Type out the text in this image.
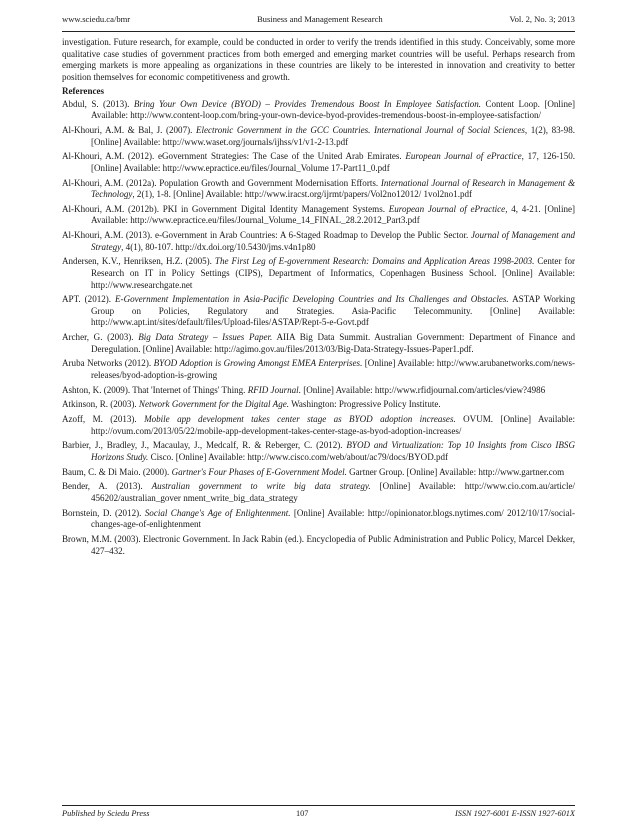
www.sciedu.ca/bmr	Business and Management Research	Vol. 2, No. 3; 2013

investigation. Future research, for example, could be conducted in order to verify the trends identified in this study. Conceivably, some more qualitative case studies of government practices from both emerged and emerging market countries will be useful. Perhaps research from emerging markets is more appealing as organizations in these countries are likely to be interested in innovation and creativity to better position themselves for economic competitiveness and growth.

References

Abdul, S. (2013). Bring Your Own Device (BYOD) – Provides Tremendous Boost In Employee Satisfaction. Content Loop. [Online] Available: http://www.content-loop.com/bring-your-own-device-byod-provides-tremendous-boost-in-employee-satisfaction/

Al-Khouri, A.M. & Bal, J. (2007). Electronic Government in the GCC Countries. International Journal of Social Sciences, 1(2), 83-98. [Online] Available: http://www.waset.org/journals/ijhss/v1/v1-2-13.pdf

Al-Khouri, A.M. (2012). eGovernment Strategies: The Case of the United Arab Emirates. European Journal of ePractice, 17, 126-150. [Online] Available: http://www.epractice.eu/files/Journal_Volume 17-Part11_0.pdf

Al-Khouri, A.M. (2012a). Population Growth and Government Modernisation Efforts. International Journal of Research in Management & Technology, 2(1), 1-8. [Online] Available: http://www.iracst.org/ijrmt/papers/Vol2no12012/ 1vol2no1.pdf

Al-Khouri, A.M. (2012b). PKI in Government Digital Identity Management Systems. European Journal of ePractice, 4, 4-21. [Online] Available: http://www.epractice.eu/files/Journal_Volume_14_FINAL_28.2.2012_Part3.pdf

Al-Khouri, A.M. (2013). e-Government in Arab Countries: A 6-Staged Roadmap to Develop the Public Sector. Journal of Management and Strategy, 4(1), 80-107. http://dx.doi.org/10.5430/jms.v4n1p80

Andersen, K.V., Henriksen, H.Z. (2005). The First Leg of E-government Research: Domains and Application Areas 1998-2003. Center for Research on IT in Policy Settings (CIPS), Department of Informatics, Copenhagen Business School. [Online] Available: http://www.researchgate.net

APT. (2012). E-Government Implementation in Asia-Pacific Developing Countries and Its Challenges and Obstacles. ASTAP Working Group on Policies, Regulatory and Strategies. Asia-Pacific Telecommunity. [Online] Available: http://www.apt.int/sites/default/files/Upload-files/ASTAP/Rept-5-e-Govt.pdf

Archer, G. (2003). Big Data Strategy – Issues Paper. AIIA Big Data Summit. Australian Government: Department of Finance and Deregulation. [Online] Available: http://agimo.gov.au/files/2013/03/Big-Data-Strategy-Issues-Paper1.pdf.

Aruba Networks (2012). BYOD Adoption is Growing Amongst EMEA Enterprises. [Online] Available: http://www.arubanetworks.com/news-releases/byod-adoption-is-growing

Ashton, K. (2009). That 'Internet of Things' Thing. RFID Journal. [Online] Available: http://www.rfidjournal.com/articles/view?4986

Atkinson, R. (2003). Network Government for the Digital Age. Washington: Progressive Policy Institute.

Azoff, M. (2013). Mobile app development takes center stage as BYOD adoption increases. OVUM. [Online] Available: http://ovum.com/2013/05/22/mobile-app-development-takes-center-stage-as-byod-adoption-increases/

Barbier, J., Bradley, J., Macaulay, J., Medcalf, R. & Reberger, C. (2012). BYOD and Virtualization: Top 10 Insights from Cisco IBSG Horizons Study. Cisco. [Online] Available: http://www.cisco.com/web/about/ac79/docs/BYOD.pdf

Baum, C. & Di Maio. (2000). Gartner's Four Phases of E-Government Model. Gartner Group. [Online] Available: http://www.gartner.com

Bender, A. (2013). Australian government to write big data strategy. [Online] Available: http://www.cio.com.au/article/ 456202/australian_gover nment_write_big_data_strategy

Bornstein, D. (2012). Social Change's Age of Enlightenment. [Online] Available: http://opinionator.blogs.nytimes.com/ 2012/10/17/social-changes-age-of-enlightenment

Brown, M.M. (2003). Electronic Government. In Jack Rabin (ed.). Encyclopedia of Public Administration and Public Policy, Marcel Dekker, 427–432.

Published by Sciedu Press	107	ISSN 1927-6001 E-ISSN 1927-601X
